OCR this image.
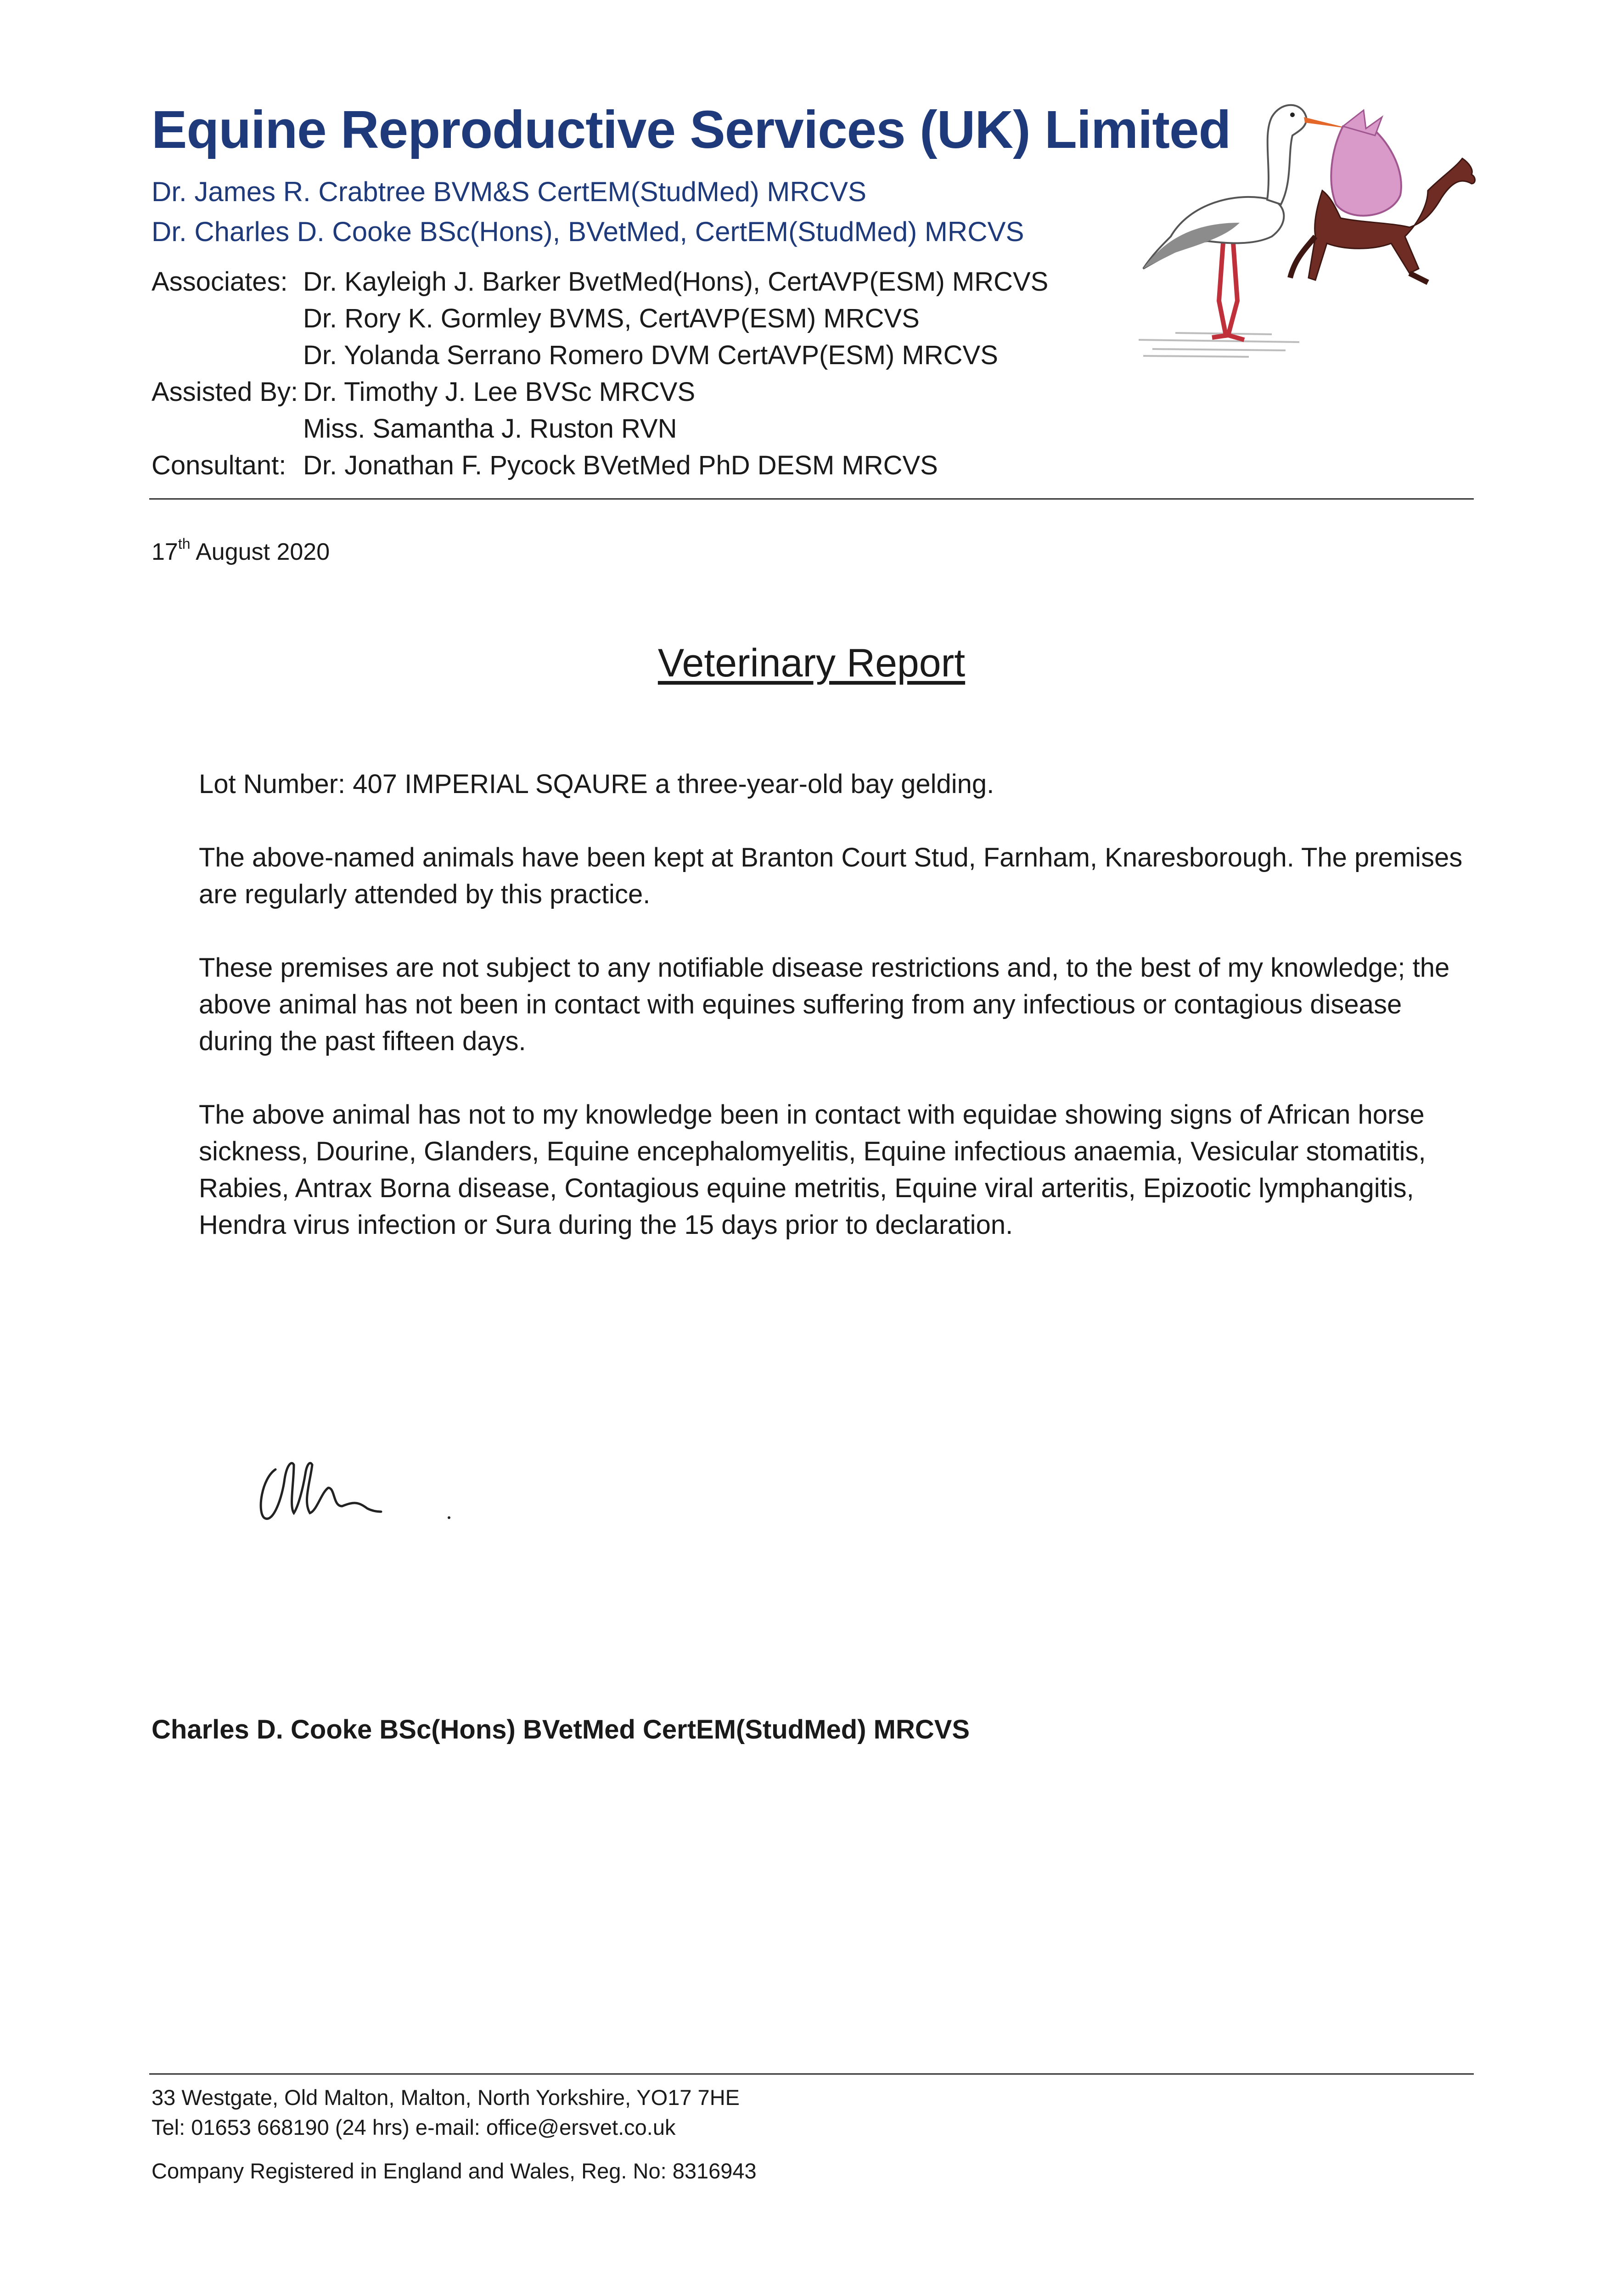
Equine Reproductive Services (UK) Limited
Dr. James R. Crabtree BVM&S CertEM(StudMed) MRCVS
Dr. Charles D. Cooke BSc(Hons), BVetMed, CertEM(StudMed) MRCVS
Associates: Dr. Kayleigh J. Barker BvetMed(Hons), CertAVP(ESM) MRCVS
Dr. Rory K. Gormley BVMS, CertAVP(ESM) MRCVS
Dr. Yolanda Serrano Romero DVM CertAVP(ESM) MRCVS
Assisted By: Dr. Timothy J. Lee BVSc MRCVS
Miss. Samantha J. Ruston RVN
Consultant: Dr. Jonathan F. Pycock BVetMed PhD DESM MRCVS
17th August 2020
Veterinary Report

Lot Number: 407 IMPERIAL SQAURE a three-year-old bay gelding.

The above-named animals have been kept at Branton Court Stud, Farnham, Knaresborough. The premises are regularly attended by this practice.

These premises are not subject to any notifiable disease restrictions and, to the best of my knowledge; the above animal has not been in contact with equines suffering from any infectious or contagious disease during the past fifteen days.

The above animal has not to my knowledge been in contact with equidae showing signs of African horse sickness, Dourine, Glanders, Equine encephalomyelitis, Equine infectious anaemia, Vesicular stomatitis, Rabies, Antrax Borna disease, Contagious equine metritis, Equine viral arteritis, Epizootic lymphangitis, Hendra virus infection or Sura during the 15 days prior to declaration.

Charles D. Cooke BSc(Hons) BVetMed CertEM(StudMed) MRCVS
33 Westgate, Old Malton, Malton, North Yorkshire, YO17 7HE
Tel: 01653 668190 (24 hrs) e-mail: office@ersvet.co.uk
Company Registered in England and Wales, Reg. No: 8316943
